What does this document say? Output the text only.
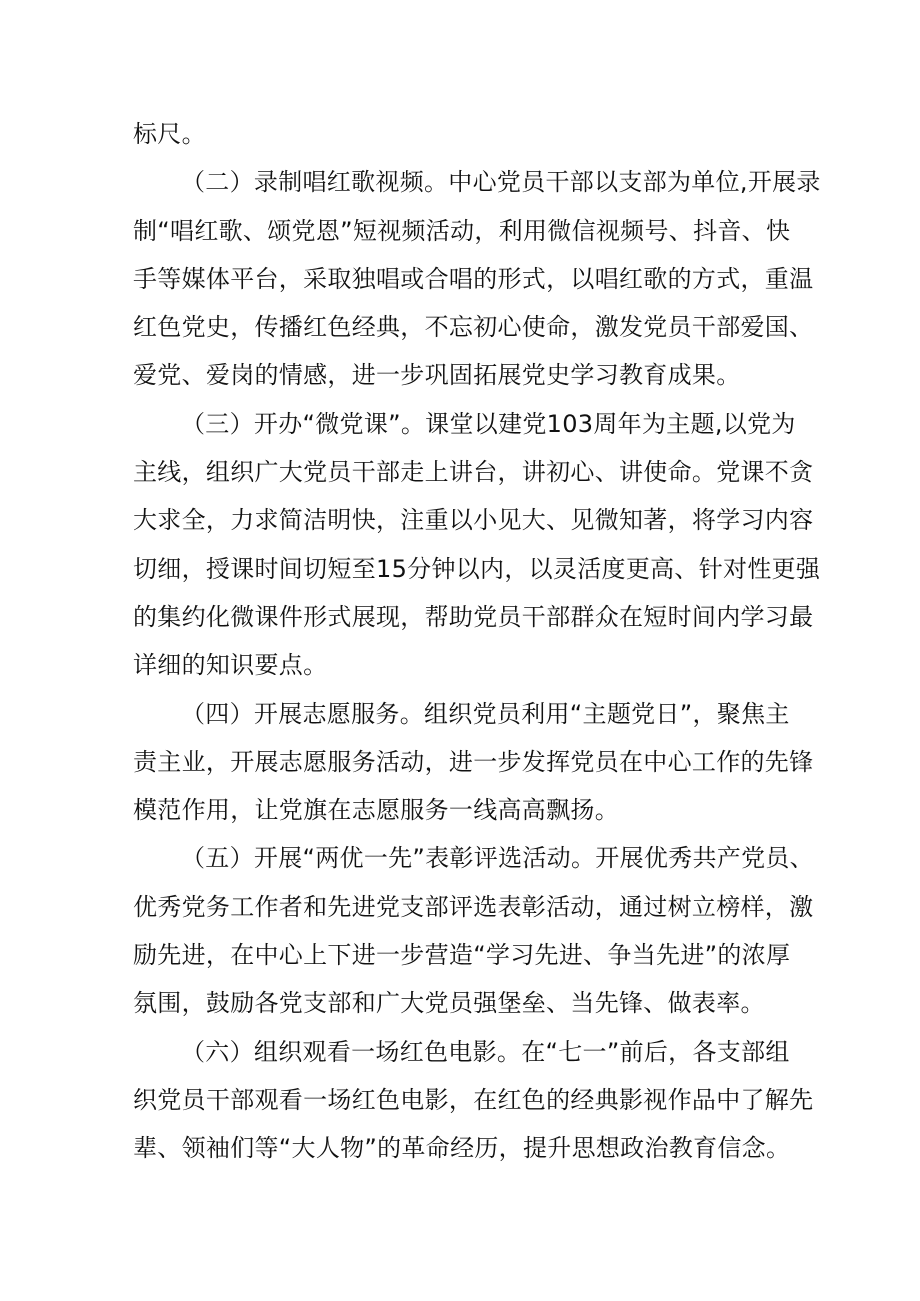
标尺。
（二）录制唱红歌视频。中心党员干部以支部为单位,开展录
制“唱红歌、颂党恩”短视频活动，利用微信视频号、抖音、快
手等媒体平台，采取独唱或合唱的形式，以唱红歌的方式，重温
红色党史，传播红色经典，不忘初心使命，激发党员干部爱国、
爱党、爱岗的情感，进一步巩固拓展党史学习教育成果。
（三）开办“微党课”。课堂以建党103周年为主题,以党为
主线，组织广大党员干部走上讲台，讲初心、讲使命。党课不贪
大求全，力求简洁明快，注重以小见大、见微知著，将学习内容
切细，授课时间切短至15分钟以内，以灵活度更高、针对性更强
的集约化微课件形式展现，帮助党员干部群众在短时间内学习最
详细的知识要点。
（四）开展志愿服务。组织党员利用“主题党日”，聚焦主
责主业，开展志愿服务活动，进一步发挥党员在中心工作的先锋
模范作用，让党旗在志愿服务一线高高飘扬。
（五）开展“两优一先”表彰评选活动。开展优秀共产党员、
优秀党务工作者和先进党支部评选表彰活动，通过树立榜样，激
励先进，在中心上下进一步营造“学习先进、争当先进”的浓厚
氛围，鼓励各党支部和广大党员强堡垒、当先锋、做表率。
（六）组织观看一场红色电影。在“七一”前后，各支部组
织党员干部观看一场红色电影，在红色的经典影视作品中了解先
辈、领袖们等“大人物”的革命经历，提升思想政治教育信念。
